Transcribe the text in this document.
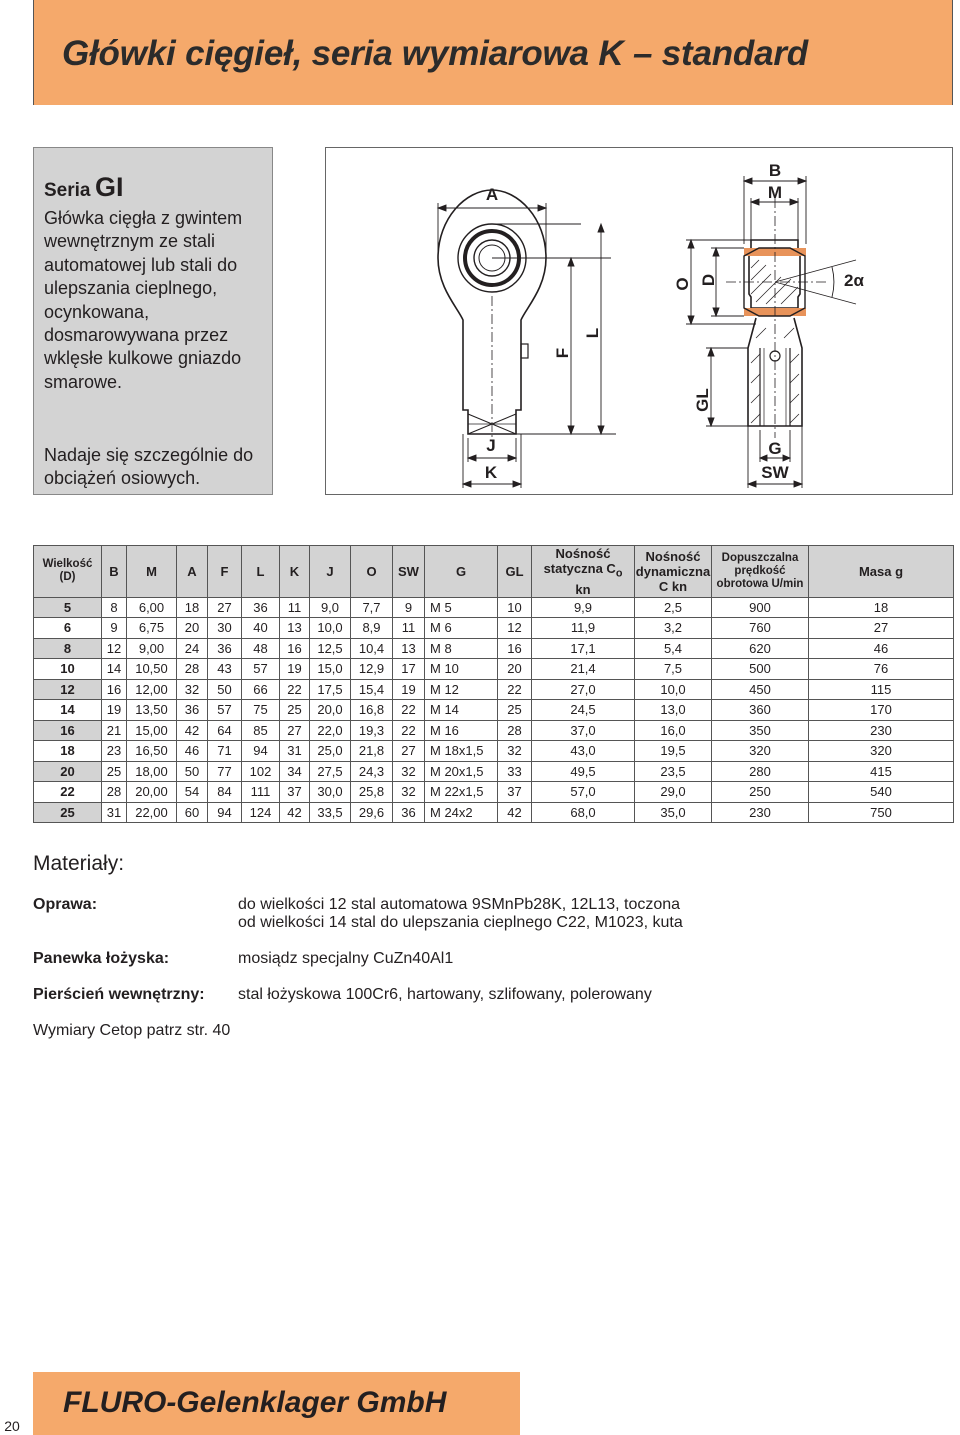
Główki cięgieł, seria wymiarowa K – standard
Seria GI
Główka cięgła z gwintem wewnętrznym ze stali automatowej lub stali do ulepszania cieplnego, ocynkowana, dosmarowywana przez wklęsłe kulkowe gniazdo smarowe.
Nadaje się szczególnie do obciążeń osiowych.
A
J
K
F
L
B
M
O D	2α
GL
G
SW
Wielkość (D)	B	M	A	F	L	K	J	O	SW	G	GL	Nośność
statyczna $C_o$
kn	Nośność
dynamiczna
C kn	Dopuszczalna
prędkość
obrotowa U/min	Masa g
5	8	6,00	18	27	36	11	9,0	7,7	9	M 5	10	9,9	2,5	900	18
6	9	6,75	20	30	40	13	10,0	8,9	11	M 6	12	11,9	3,2	760	27
8	12	9,00	24	36	48	16	12,5	10,4	13	M 8	16	17,1	5,4	620	46
10	14	10,50	28	43	57	19	15,0	12,9	17	M 10	20	21,4	7,5	500	76
12	16	12,00	32	50	66	22	17,5	15,4	19	M 12	22	27,0	10,0	450	115
14	19	13,50	36	57	75	25	20,0	16,8	22	M 14	25	24,5	13,0	360	170
16	21	15,00	42	64	85	27	22,0	19,3	22	M 16	28	37,0	16,0	350	230
18	23	16,50	46	71	94	31	25,0	21,8	27	M 18x1,5	32	43,0	19,5	320	320
20	25	18,00	50	77	102	34	27,5	24,3	32	M 20x1,5	33	49,5	23,5	280	415
22	28	20,00	54	84	111	37	30,0	25,8	32	M 22x1,5	37	57,0	29,0	250	540
25	31	22,00	60	94	124	42	33,5	29,6	36	M 24x2	42	68,0	35,0	230	750
Materiały:
Oprawa:	do wielkości 12 stal automatowa 9SMnPb28K, 12L13, toczona
od wielkości 14 stal do ulepszania cieplnego C22, M1023, kuta
Panewka łożyska:	mosiądz specjalny CuZn40Al1
Pierścień wewnętrzny: stal łożyskowa 100Cr6, hartowany, szlifowany, polerowany
Wymiary Cetop patrz str. 40
FLURO-Gelenklager GmbH
20
